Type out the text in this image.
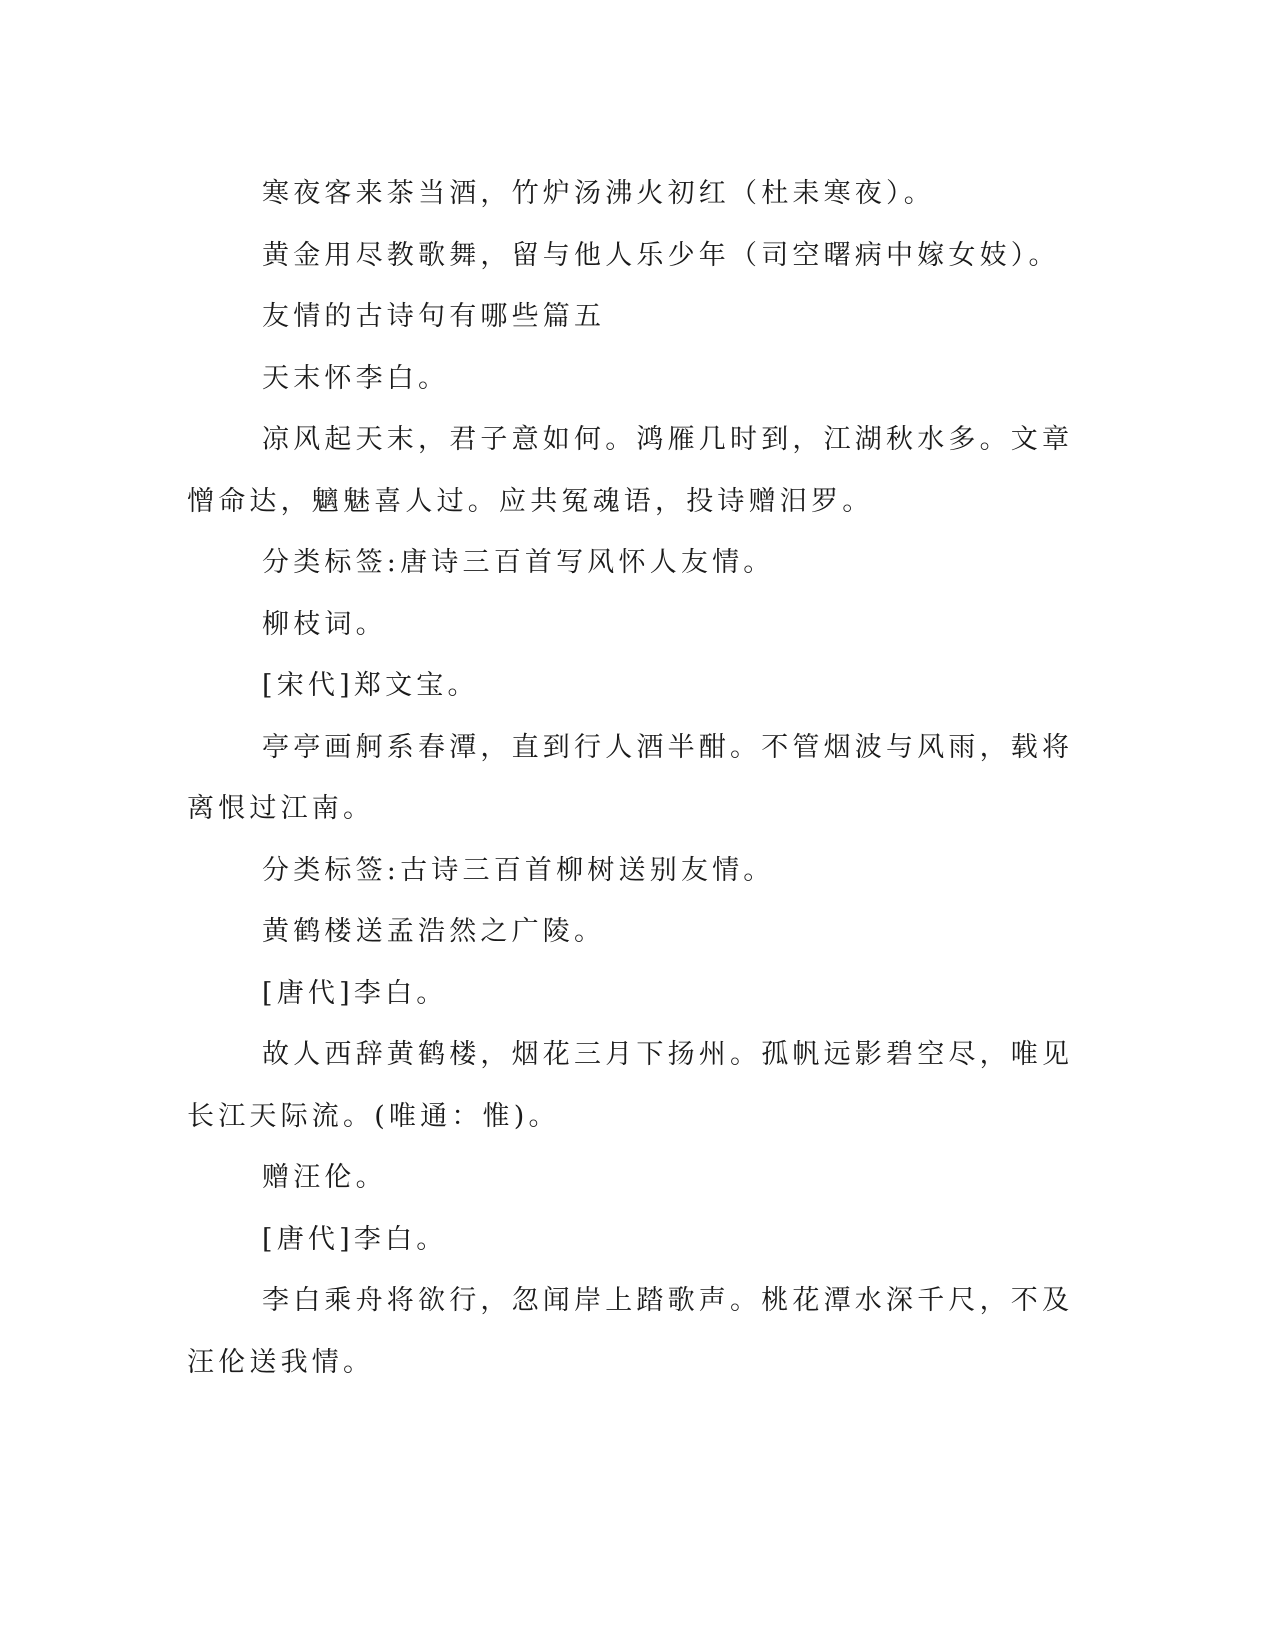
寒夜客来茶当酒，竹炉汤沸火初红（杜耒寒夜）。

黄金用尽教歌舞，留与他人乐少年（司空曙病中嫁女妓）。

友情的古诗句有哪些篇五

天末怀李白。

凉风起天末，君子意如何。鸿雁几时到，江湖秋水多。文章憎命达，魑魅喜人过。应共冤魂语，投诗赠汨罗。

分类标签:唐诗三百首写风怀人友情。

柳枝词。

[宋代]郑文宝。

亭亭画舸系春潭，直到行人酒半酣。不管烟波与风雨，载将离恨过江南。

分类标签:古诗三百首柳树送别友情。

黄鹤楼送孟浩然之广陵。

[唐代]李白。

故人西辞黄鹤楼，烟花三月下扬州。孤帆远影碧空尽，唯见长江天际流。(唯通：惟)。

赠汪伦。

[唐代]李白。

李白乘舟将欲行，忽闻岸上踏歌声。桃花潭水深千尺，不及汪伦送我情。
